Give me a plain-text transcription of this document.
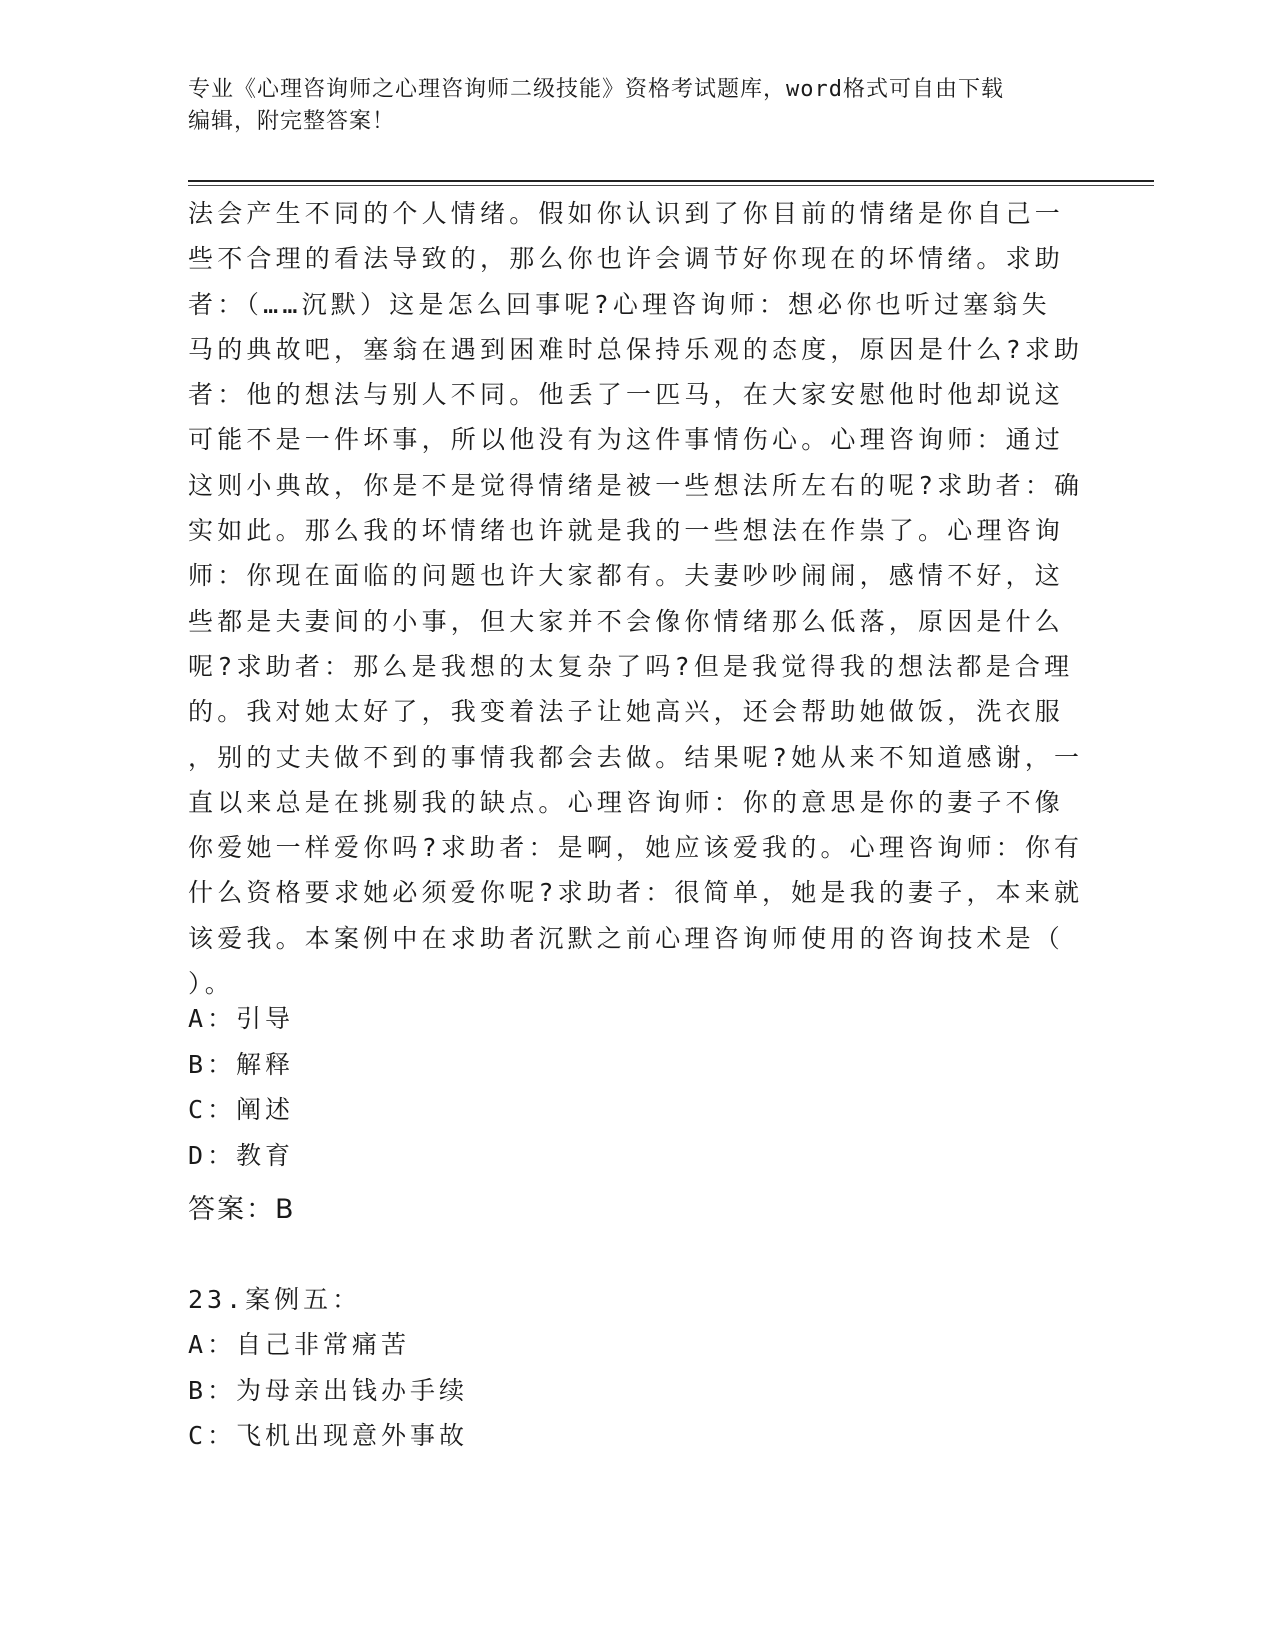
专业《心理咨询师之心理咨询师二级技能》资格考试题库，word格式可自由下载
编辑，附完整答案！
法会产生不同的个人情绪。假如你认识到了你目前的情绪是你自己一
些不合理的看法导致的，那么你也许会调节好你现在的坏情绪。求助
者：（……沉默）这是怎么回事呢?心理咨询师：想必你也听过塞翁失
马的典故吧，塞翁在遇到困难时总保持乐观的态度，原因是什么?求助
者：他的想法与别人不同。他丢了一匹马，在大家安慰他时他却说这
可能不是一件坏事，所以他没有为这件事情伤心。心理咨询师：通过
这则小典故，你是不是觉得情绪是被一些想法所左右的呢?求助者：确
实如此。那么我的坏情绪也许就是我的一些想法在作祟了。心理咨询
师：你现在面临的问题也许大家都有。夫妻吵吵闹闹，感情不好，这
些都是夫妻间的小事，但大家并不会像你情绪那么低落，原因是什么
呢?求助者：那么是我想的太复杂了吗?但是我觉得我的想法都是合理
的。我对她太好了，我变着法子让她高兴，还会帮助她做饭，洗衣服
，别的丈夫做不到的事情我都会去做。结果呢?她从来不知道感谢，一
直以来总是在挑剔我的缺点。心理咨询师：你的意思是你的妻子不像
你爱她一样爱你吗?求助者：是啊，她应该爱我的。心理咨询师：你有
什么资格要求她必须爱你呢?求助者：很简单，她是我的妻子，本来就
该爱我。本案例中在求助者沉默之前心理咨询师使用的咨询技术是（
）。
A：引导
B：解释
C：阐述
D：教育
答案：B
23.案例五：
A：自己非常痛苦
B：为母亲出钱办手续
C：飞机出现意外事故
